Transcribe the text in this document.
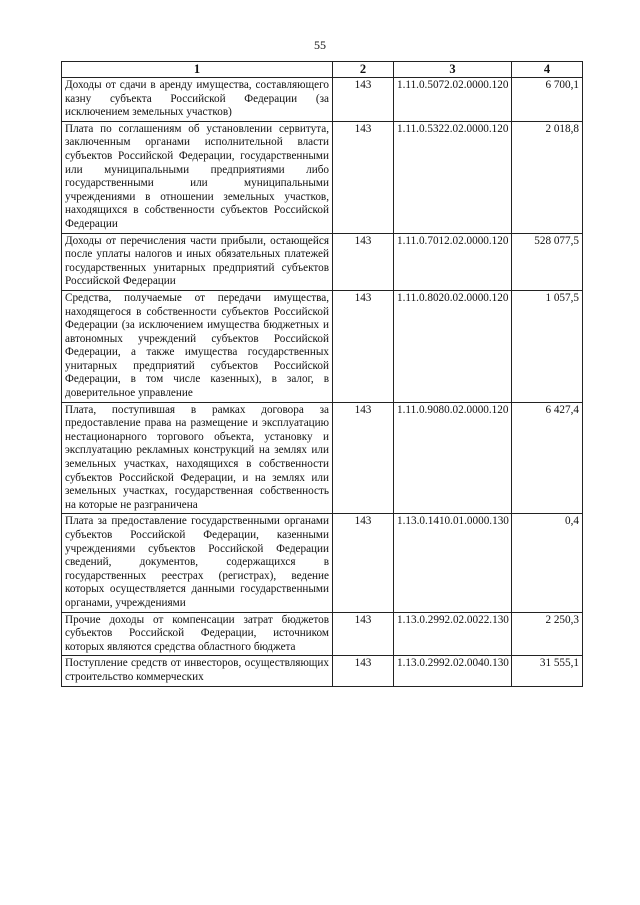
55
1	2	3	4
Доходы от сдачи в аренду имущества, составляющего казну субъекта Российской Федерации (за исключением земельных участков)	143	1.11.0.5072.02.0000.120	6 700,1
Плата по соглашениям об установлении сервитута, заключенным органами исполнительной власти субъектов Российской Федерации, государственными или муниципальными предприятиями либо государственными или муниципальными учреждениями в отношении земельных участков, находящихся в собственности субъектов Российской Федерации	143	1.11.0.5322.02.0000.120	2 018,8
Доходы от перечисления части прибыли, остающейся после уплаты налогов и иных обязательных платежей государственных унитарных предприятий субъектов Российской Федерации	143	1.11.0.7012.02.0000.120	528 077,5
Средства, получаемые от передачи имущества, находящегося в собственности субъектов Российской Федерации (за исключением имущества бюджетных и автономных учреждений субъектов Российской Федерации, а также имущества государственных унитарных предприятий субъектов Российской Федерации, в том числе казенных), в залог, в доверительное управление	143	1.11.0.8020.02.0000.120	1 057,5
Плата, поступившая в рамках договора за предоставление права на размещение и эксплуатацию нестационарного торгового объекта, установку и эксплуатацию рекламных конструкций на землях или земельных участках, находящихся в собственности субъектов Российской Федерации, и на землях или земельных участках, государственная собственность на которые не разграничена	143	1.11.0.9080.02.0000.120	6 427,4
Плата за предоставление государственными органами субъектов Российской Федерации, казенными учреждениями субъектов Российской Федерации сведений, документов, содержащихся в государственных реестрах (регистрах), ведение которых осуществляется данными государственными органами, учреждениями	143	1.13.0.1410.01.0000.130	0,4
Прочие доходы от компенсации затрат бюджетов субъектов Российской Федерации, источником которых являются средства областного бюджета	143	1.13.0.2992.02.0022.130	2 250,3
Поступление средств от инвесторов, осуществляющих строительство коммерческих	143	1.13.0.2992.02.0040.130	31 555,1
